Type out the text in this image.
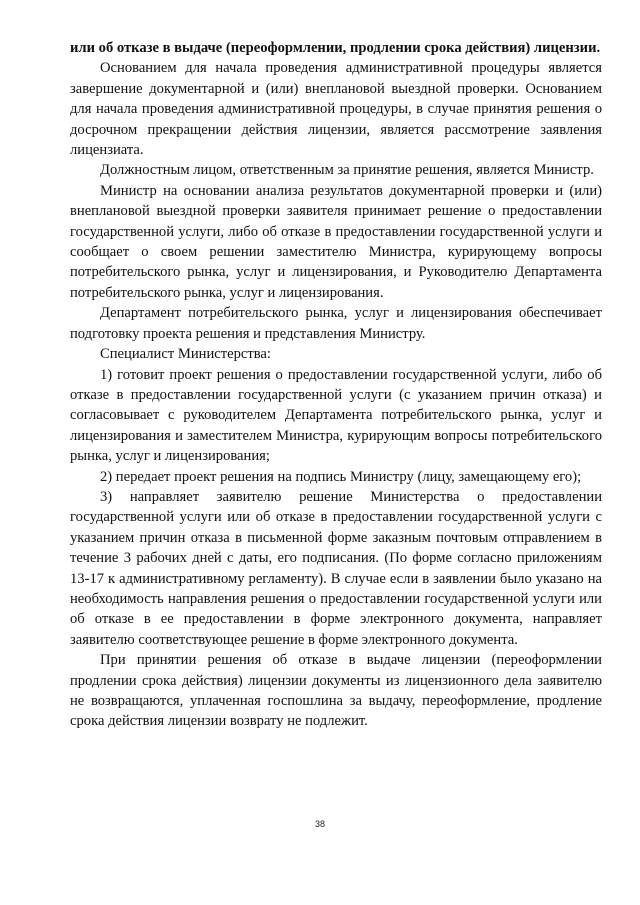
или об отказе в выдаче (переоформлении, продлении срока действия) лицензии.

Основанием для начала проведения административной процедуры является завершение документарной и (или) внеплановой выездной проверки. Основанием для начала проведения административной процедуры, в случае принятия решения о досрочном прекращении действия лицензии, является рассмотрение заявления лицензиата.

Должностным лицом, ответственным за принятие решения, является Министр.

Министр на основании анализа результатов документарной проверки и (или) внеплановой выездной проверки заявителя принимает решение о предоставлении государственной услуги, либо об отказе в предоставлении государственной услуги и сообщает о своем решении заместителю Министра, курирующему вопросы потребительского рынка, услуг и лицензирования, и Руководителю Департамента потребительского рынка, услуг и лицензирования.

Департамент потребительского рынка, услуг и лицензирования обеспечивает подготовку проекта решения и представления Министру.

Специалист Министерства:

1) готовит проект решения о предоставлении государственной услуги, либо об отказе в предоставлении государственной услуги (с указанием причин отказа) и согласовывает с руководителем Департамента потребительского рынка, услуг и лицензирования и заместителем Министра, курирующим вопросы потребительского рынка, услуг и лицензирования;

2) передает проект решения на подпись Министру (лицу, замещающему его);

3) направляет заявителю решение Министерства о предоставлении государственной услуги или об отказе в предоставлении государственной услуги с указанием причин отказа в письменной форме заказным почтовым отправлением в течение 3 рабочих дней с даты, его подписания. (По форме согласно приложениям 13-17 к административному регламенту). В случае если в заявлении было указано на необходимость направления решения о предоставлении государственной услуги или об отказе в ее предоставлении в форме электронного документа, направляет заявителю соответствующее решение в форме электронного документа.

При принятии решения об отказе в выдаче лицензии (переоформлении продлении срока действия) лицензии документы из лицензионного дела заявителю не возвращаются, уплаченная госпошлина за выдачу, переоформление, продление срока действия лицензии возврату не подлежит.

38
